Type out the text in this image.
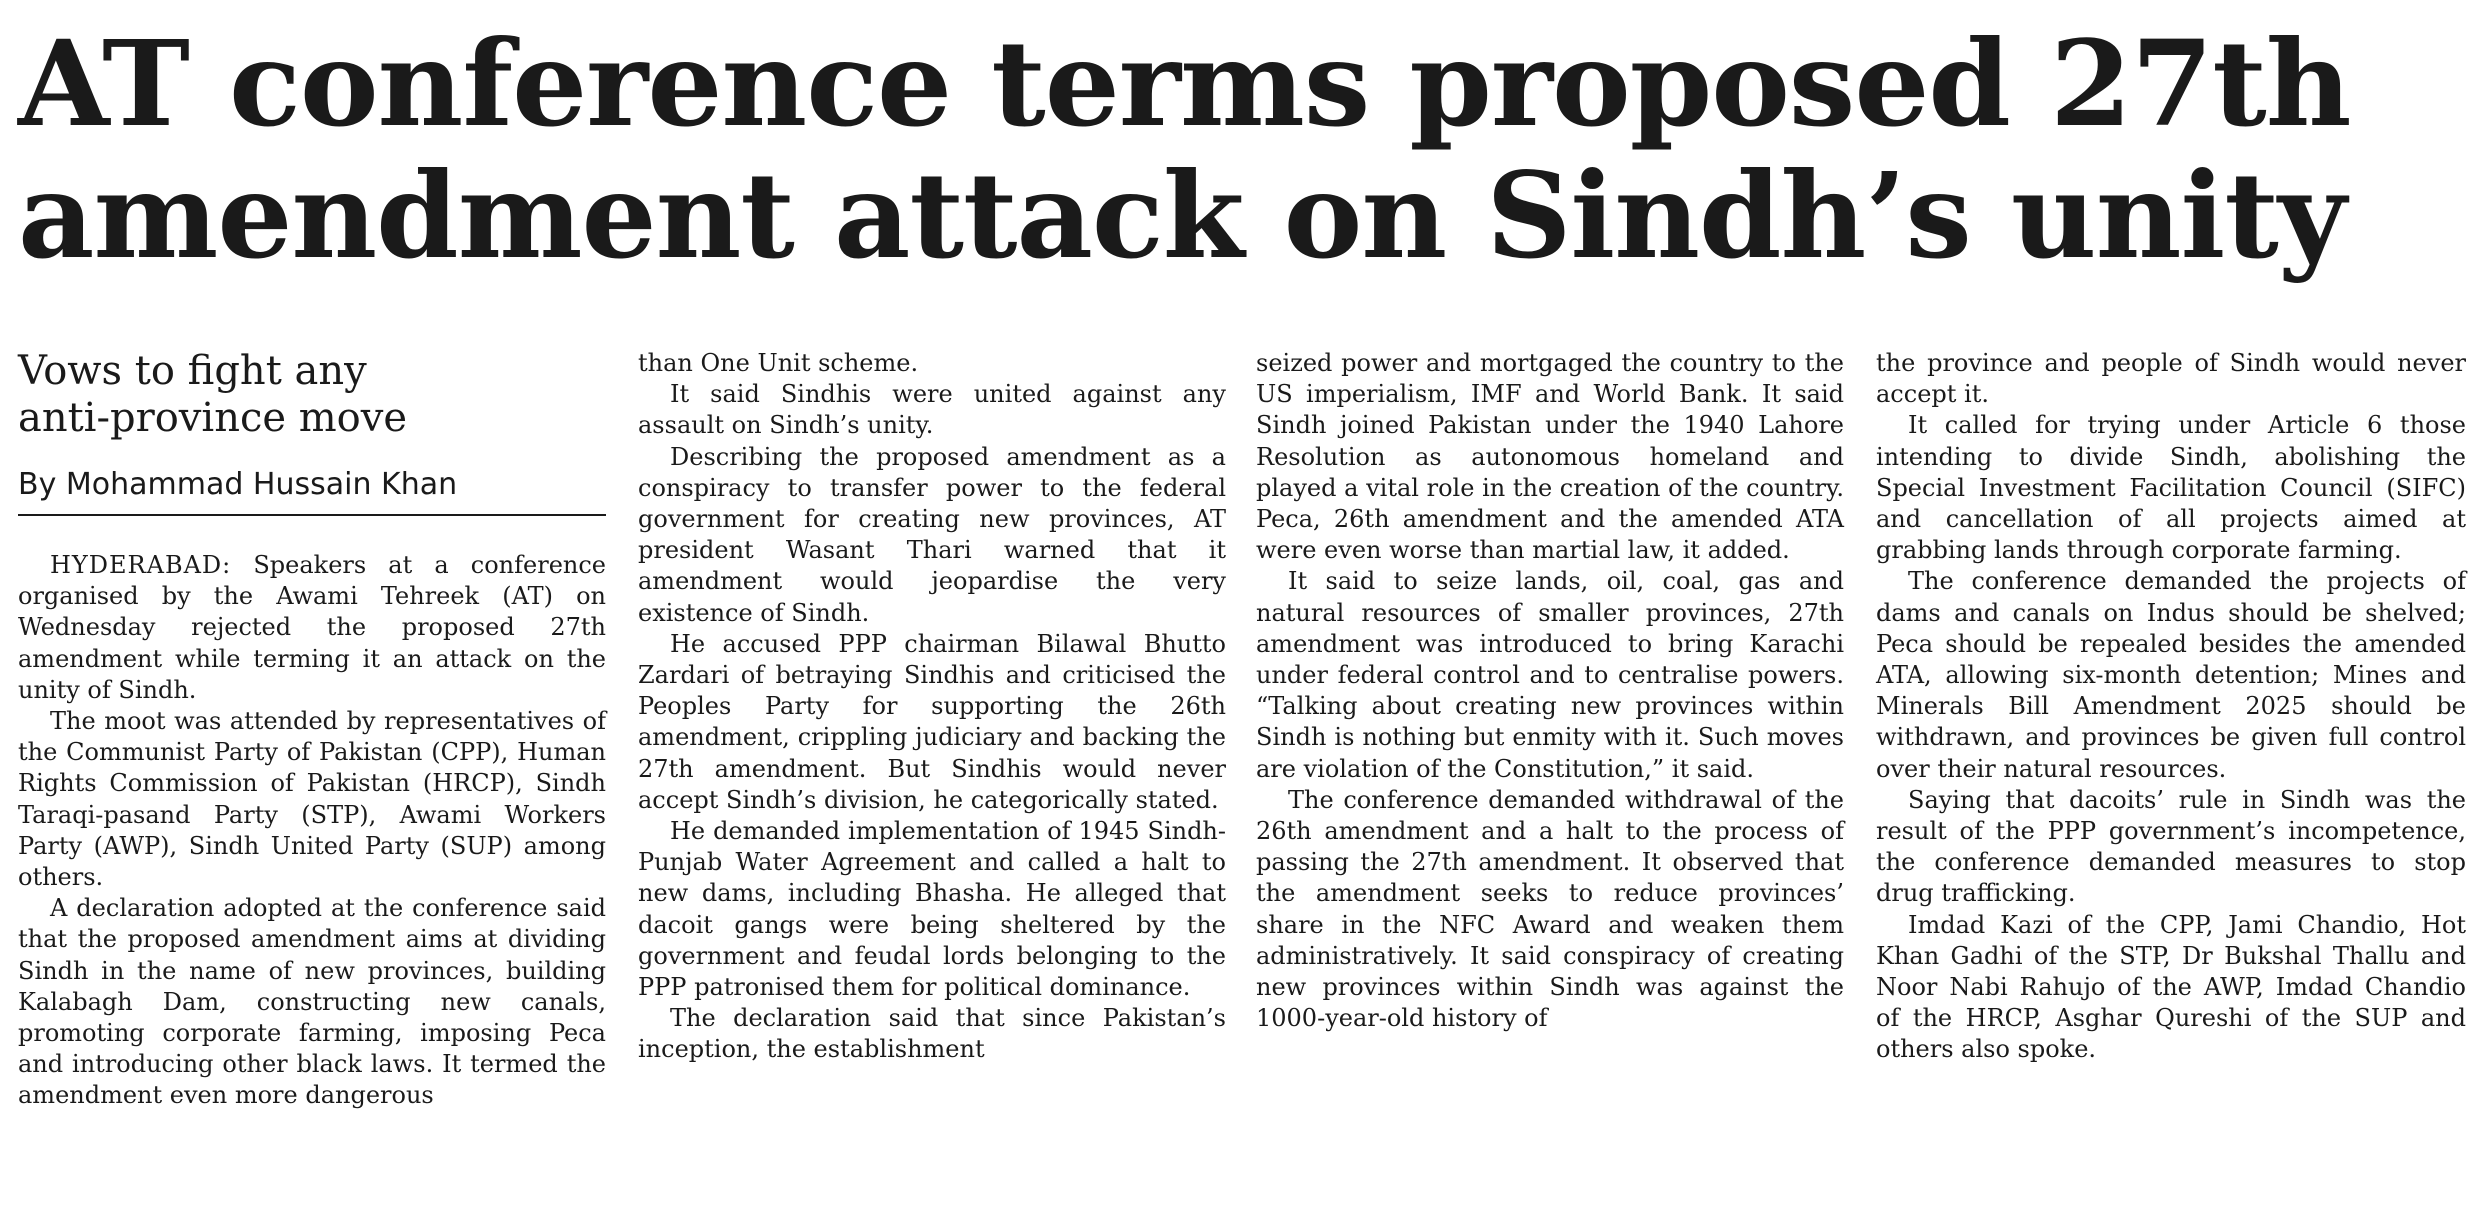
AT conference terms proposed 27th amendment attack on Sindh’s unity
Vows to fight any
anti-province move
By Mohammad Hussain Khan

HYDERABAD: Speakers at a conference organised by the Awami Tehreek (AT) on Wednesday rejected the proposed 27th amendment while terming it an attack on the unity of Sindh.

The moot was attended by representatives of the Communist Party of Pakistan (CPP), Human Rights Commission of Pakistan (HRCP), Sindh Taraqi-pasand Party (STP), Awami Workers Party (AWP), Sindh United Party (SUP) among others.

A declaration adopted at the conference said that the proposed amendment aims at dividing Sindh in the name of new provinces, building Kalabagh Dam, constructing new canals, promoting corporate farming, imposing Peca and introducing other black laws. It termed the amendment even more dangerous

than One Unit scheme.

It said Sindhis were united against any assault on Sindh’s unity.

Describing the proposed amendment as a conspiracy to transfer power to the federal government for creating new provinces, AT president Wasant Thari warned that it amendment would jeopardise the very existence of Sindh.

He accused PPP chairman Bilawal Bhutto Zardari of betraying Sindhis and criticised the Peoples Party for supporting the 26th amendment, crippling judiciary and backing the 27th amendment. But Sindhis would never accept Sindh’s division, he categorically stated.

He demanded implementation of 1945 Sindh-Punjab Water Agreement and called a halt to new dams, including Bhasha. He alleged that dacoit gangs were being sheltered by the government and feudal lords belonging to the PPP patronised them for political dominance.

The declaration said that since Pakistan’s inception, the establishment

seized power and mortgaged the country to the US imperialism, IMF and World Bank. It said Sindh joined Pakistan under the 1940 Lahore Resolution as autonomous homeland and played a vital role in the creation of the country. Peca, 26th amendment and the amended ATA were even worse than martial law, it added.

It said to seize lands, oil, coal, gas and natural resources of smaller provinces, 27th amendment was introduced to bring Karachi under federal control and to centralise powers. “Talking about creating new provinces within Sindh is nothing but enmity with it. Such moves are violation of the Constitution,” it said.

The conference demanded withdrawal of the 26th amendment and a halt to the process of passing the 27th amendment. It observed that the amendment seeks to reduce provinces’ share in the NFC Award and weaken them administratively. It said conspiracy of creating new provinces within Sindh was against the 1000-year-old history of

the province and people of Sindh would never accept it.

It called for trying under Article 6 those intending to divide Sindh, abolishing the Special Investment Facilitation Council (SIFC) and cancellation of all projects aimed at grabbing lands through corporate farming.

The conference demanded the projects of dams and canals on Indus should be shelved; Peca should be repealed besides the amended ATA, allowing six-month detention; Mines and Minerals Bill Amendment 2025 should be withdrawn, and provinces be given full control over their natural resources.

Saying that dacoits’ rule in Sindh was the result of the PPP government’s incompetence, the conference demanded measures to stop drug trafficking.

Imdad Kazi of the CPP, Jami Chandio, Hot Khan Gadhi of the STP, Dr Bukshal Thallu and Noor Nabi Rahujo of the AWP, Imdad Chandio of the HRCP, Asghar Qureshi of the SUP and others also spoke.
